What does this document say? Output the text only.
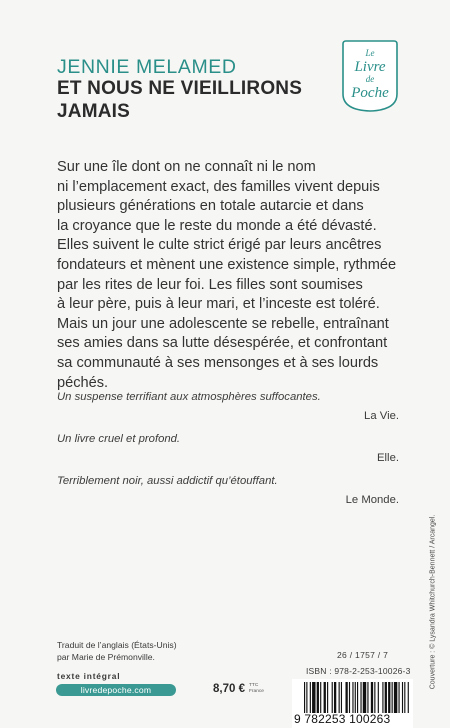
JENNIE MELAMED
ET NOUS NE VIEILLIRONS
JAMAIS
Le
Livre
de
Poche
Sur une île dont on ne connaît ni le nom
ni l’emplacement exact, des familles vivent depuis
plusieurs générations en totale autarcie et dans
la croyance que le reste du monde a été dévasté.
Elles suivent le culte strict érigé par leurs ancêtres
fondateurs et mènent une existence simple, rythmée
par les rites de leur foi. Les filles sont soumises
à leur père, puis à leur mari, et l’inceste est toléré.
Mais un jour une adolescente se rebelle, entraînant
ses amies dans sa lutte désespérée, et confrontant
sa communauté à ses mensonges et à ses lourds
péchés.
Un suspense terrifiant aux atmosphères suffocantes.
La Vie.
Un livre cruel et profond.
Elle.
Terriblement noir, aussi addictif qu’étouffant.
Le Monde.
Couverture : © Lysandra Whitchurch-Bennett / Arcangel.
Traduit de l’anglais (États-Unis)
par Marie de Prémonville.
texte intégral
livredepoche.com	8,70 € TTC
France
26 / 1757 / 7
ISBN : 978-2-253-10026-3
9 782253 100263
